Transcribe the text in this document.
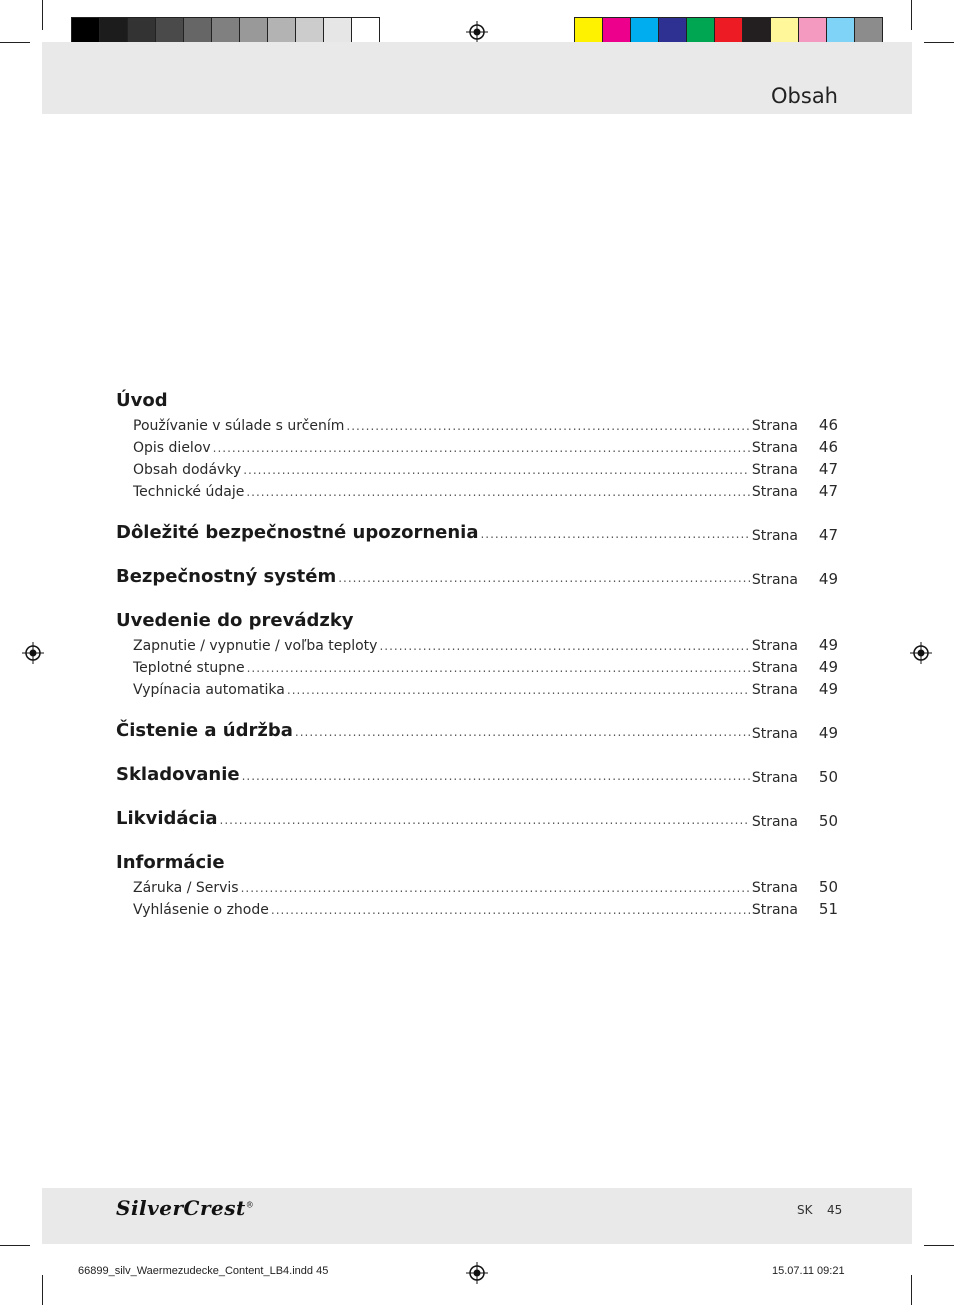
Obsah
Úvod
Používanie v súlade s určením .....	Strana	46
Opis dielov .....	Strana	46
Obsah dodávky .....	Strana	47
Technické údaje .....	Strana	47
Dôležité bezpečnostné upozornenia .....	Strana	47
Bezpečnostný systém .....	Strana	49
Uvedenie do prevádzky
Zapnutie / vypnutie / voľba teploty .....	Strana	49
Teplotné stupne .....	Strana	49
Vypínacia automatika .....	Strana	49
Čistenie a údržba .....	Strana	49
Skladovanie .....	Strana	50
Likvidácia .....	Strana	50
Informácie
Záruka / Servis .....	Strana	50
Vyhlásenie o zhode .....	Strana	51
SilverCrest®	SK 45
66899_silv_Waermezudecke_Content_LB4.indd 45	15.07.11 09:21
